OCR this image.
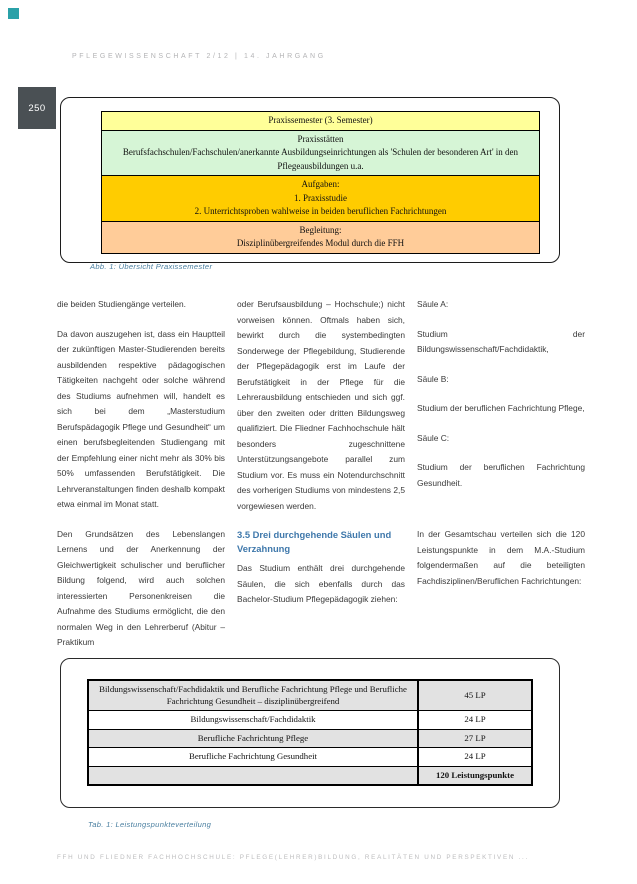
PFLEGEWISSENSCHAFT 2/12 | 14. JAHRGANG
250
Praxissemester (3. Semester)
Praxisstätten
Berufsfachschulen/Fachschulen/anerkannte Ausbildungseinrichtungen als 'Schulen der besonderen Art' in den Pflegeausbildungen u.a.
Aufgaben:
1. Praxisstudie
2. Unterrichtsproben wahlweise in beiden beruflichen Fachrichtungen
Begleitung:
Disziplinübergreifendes Modul durch die FFH
Abb. 1: Übersicht Praxissemester

die beiden Studiengänge verteilen.

Da davon auszugehen ist, dass ein Hauptteil der zukünftigen Master-Studierenden bereits ausbildenden respektive pädagogischen Tätigkeiten nachgeht oder solche während des Studiums aufnehmen will, handelt es sich bei dem „Masterstudium Berufspädagogik Pflege und Gesundheit“ um einen berufsbegleitenden Studiengang mit der Empfehlung einer nicht mehr als 30% bis 50% umfassenden Berufstätigkeit. Die Lehrveranstaltungen finden deshalb kompakt etwa einmal im Monat statt.

Den Grundsätzen des Lebenslangen Lernens und der Anerkennung der Gleichwertigkeit schulischer und beruflicher Bildung folgend, wird auch solchen interessierten Personenkreisen die Aufnahme des Studiums ermöglicht, die den normalen Weg in den Lehrerberuf (Abitur – Praktikum

oder Berufsausbildung – Hochschule;) nicht vorweisen können. Oftmals haben sich, bewirkt durch die systembedingten Sonderwege der Pflegebildung, Studierende der Pflegepädagogik erst im Laufe der Berufstätigkeit in der Pflege für die Lehrerausbildung entschieden und sich ggf. über den zweiten oder dritten Bildungsweg qualifiziert. Die Fliedner Fachhochschule hält besonders zugeschnittene Unterstützungsangebote parallel zum Studium vor. Es muss ein Notendurchschnitt des vorherigen Studiums von mindestens 2,5 vorgewiesen werden.

3.5 Drei durchgehende Säulen und Verzahnung

Das Studium enthält drei durchgehende Säulen, die sich ebenfalls durch das Bachelor-Studium Pflegepädagogik ziehen:

Säule A:

Studium der Bildungswissenschaft/Fachdidaktik,

Säule B:

Studium der beruflichen Fachrichtung Pflege,

Säule C:

Studium der beruflichen Fachrichtung Gesundheit.

In der Gesamtschau verteilen sich die 120 Leistungspunkte in dem M.A.-Studium folgendermaßen auf die beteiligten Fachdisziplinen/Beruflichen Fachrichtungen:

Bildungswissenschaft/Fachdidaktik und Berufliche Fachrichtung Pflege und Berufliche Fachrichtung Gesundheit – disziplinübergreifend	45 LP
Bildungswissenschaft/Fachdidaktik	24 LP
Berufliche Fachrichtung Pflege	27 LP
Berufliche Fachrichtung Gesundheit	24 LP
	120 Leistungspunkte
Tab. 1: Leistungspunkteverteilung
FFH UND FLIEDNER FACHHOCHSCHULE: PFLEGE(LEHRER)BILDUNG, REALITÄTEN UND PERSPEKTIVEN ...
